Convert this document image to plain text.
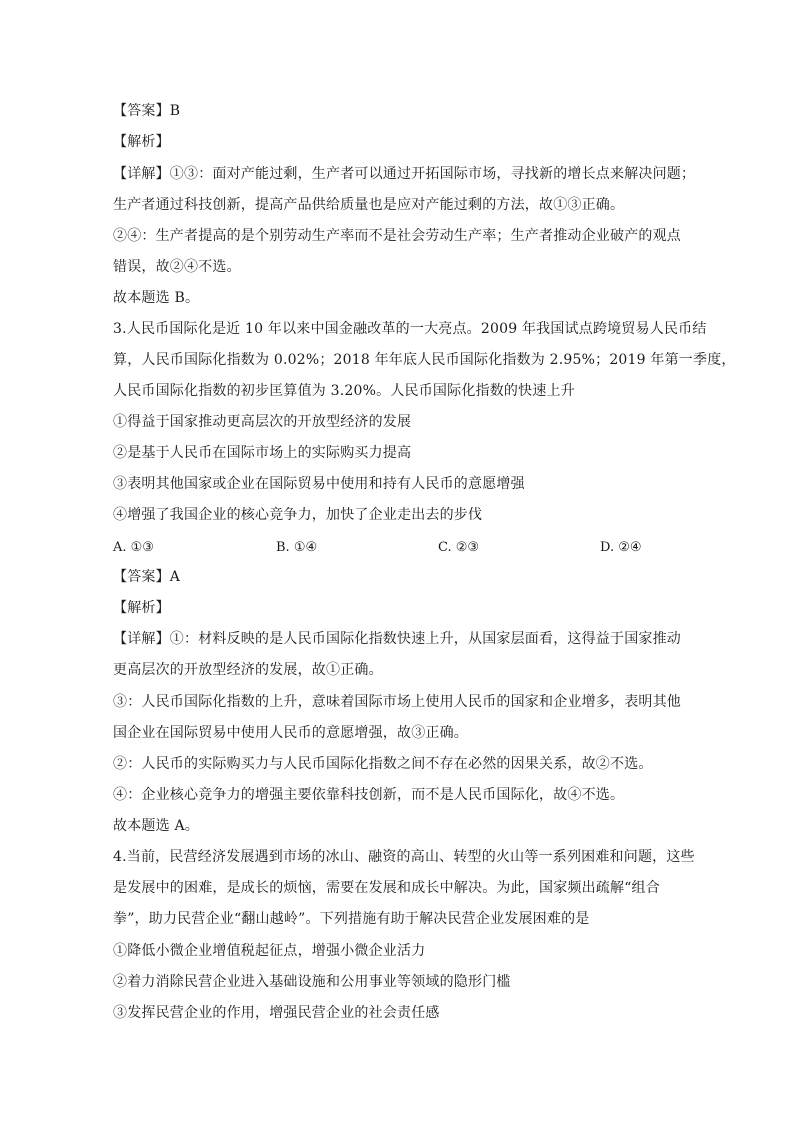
【答案】B
【解析】
【详解】①③：面对产能过剩，生产者可以通过开拓国际市场，寻找新的增长点来解决问题；
生产者通过科技创新，提高产品供给质量也是应对产能过剩的方法，故①③正确。
②④：生产者提高的是个别劳动生产率而不是社会劳动生产率；生产者推动企业破产的观点
错误，故②④不选。
故本题选 B。
3.人民币国际化是近 10 年以来中国金融改革的一大亮点。2009 年我国试点跨境贸易人民币结
算，人民币国际化指数为 0.02%；2018 年年底人民币国际化指数为 2.95%；2019 年第一季度，
人民币国际化指数的初步匡算值为 3.20%。人民币国际化指数的快速上升
①得益于国家推动更高层次的开放型经济的发展
②是基于人民币在国际市场上的实际购买力提高
③表明其他国家或企业在国际贸易中使用和持有人民币的意愿增强
④增强了我国企业的核心竞争力，加快了企业走出去的步伐
A. ①③	B. ①④	C. ②③	D. ②④
【答案】A
【解析】
【详解】①：材料反映的是人民币国际化指数快速上升，从国家层面看，这得益于国家推动
更高层次的开放型经济的发展，故①正确。
③：人民币国际化指数的上升，意味着国际市场上使用人民币的国家和企业增多，表明其他
国企业在国际贸易中使用人民币的意愿增强，故③正确。
②：人民币的实际购买力与人民币国际化指数之间不存在必然的因果关系，故②不选。
④：企业核心竞争力的增强主要依靠科技创新，而不是人民币国际化，故④不选。
故本题选 A。
4.当前，民营经济发展遇到市场的冰山、融资的高山、转型的火山等一系列困难和问题，这些
是发展中的困难，是成长的烦恼，需要在发展和成长中解决。为此，国家频出疏解“组合
拳”，助力民营企业“翻山越岭”。下列措施有助于解决民营企业发展困难的是
①降低小微企业增值税起征点，增强小微企业活力
②着力消除民营企业进入基础设施和公用事业等领域的隐形门槛
③发挥民营企业的作用，增强民营企业的社会责任感
